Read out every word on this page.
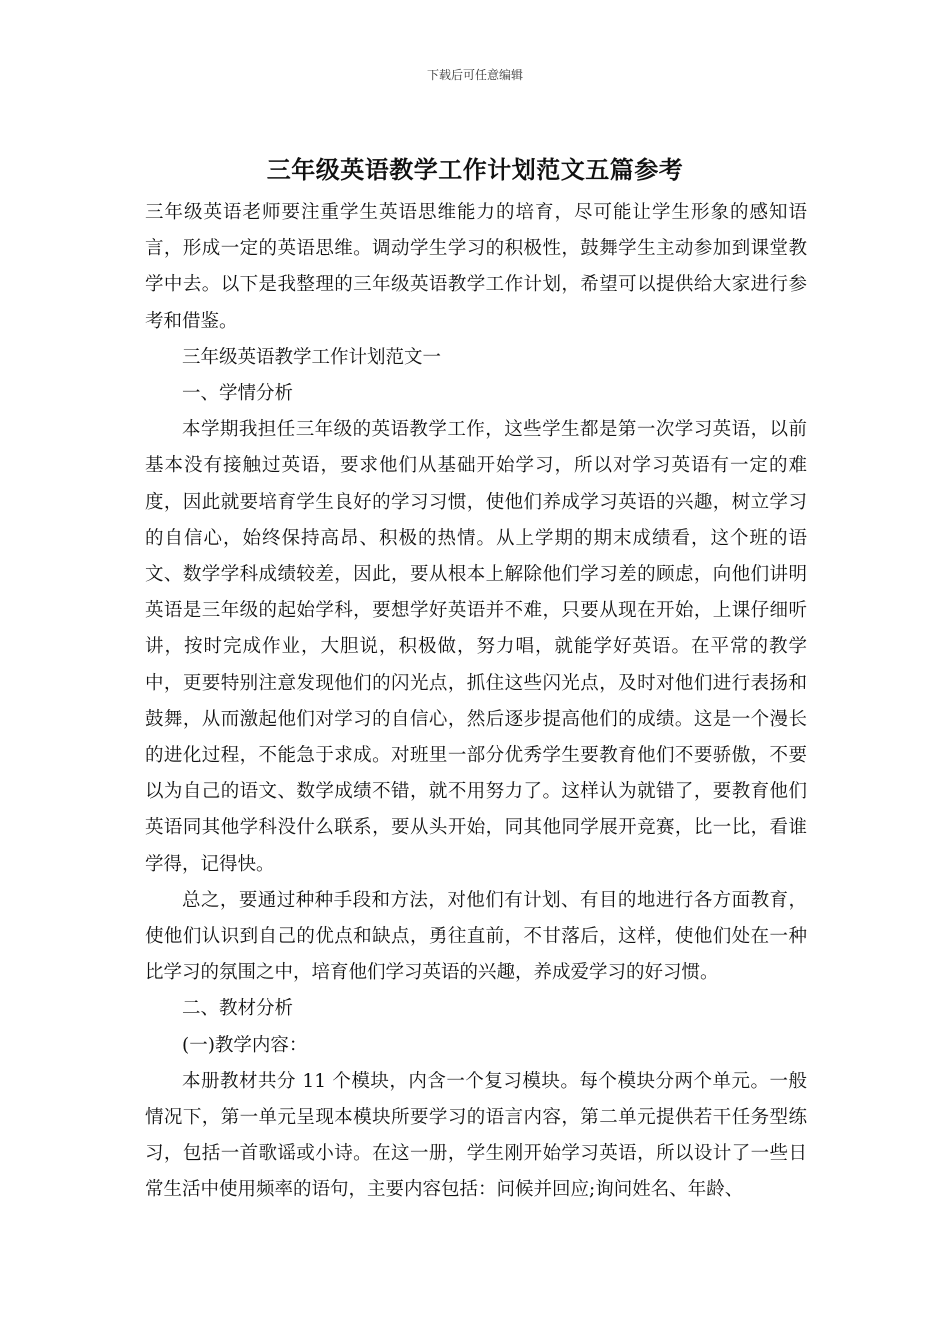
下载后可任意编辑
三年级英语教学工作计划范文五篇参考

三年级英语老师要注重学生英语思维能力的培育，尽可能让学生形象的感知语言，形成一定的英语思维。调动学生学习的积极性，鼓舞学生主动参加到课堂教学中去。以下是我整理的三年级英语教学工作计划，希望可以提供给大家进行参考和借鉴。

三年级英语教学工作计划范文一

一、学情分析

本学期我担任三年级的英语教学工作，这些学生都是第一次学习英语，以前基本没有接触过英语，要求他们从基础开始学习，所以对学习英语有一定的难度，因此就要培育学生良好的学习习惯，使他们养成学习英语的兴趣，树立学习的自信心，始终保持高昂、积极的热情。从上学期的期末成绩看，这个班的语文、数学学科成绩较差，因此，要从根本上解除他们学习差的顾虑，向他们讲明英语是三年级的起始学科，要想学好英语并不难，只要从现在开始，上课仔细听讲，按时完成作业，大胆说，积极做，努力唱，就能学好英语。在平常的教学中，更要特别注意发现他们的闪光点，抓住这些闪光点，及时对他们进行表扬和鼓舞，从而激起他们对学习的自信心，然后逐步提高他们的成绩。这是一个漫长的进化过程，不能急于求成。对班里一部分优秀学生要教育他们不要骄傲，不要以为自己的语文、数学成绩不错，就不用努力了。这样认为就错了，要教育他们英语同其他学科没什么联系，要从头开始，同其他同学展开竞赛，比一比，看谁学得，记得快。

总之，要通过种种手段和方法，对他们有计划、有目的地进行各方面教育，使他们认识到自己的优点和缺点，勇往直前，不甘落后，这样，使他们处在一种比学习的氛围之中，培育他们学习英语的兴趣，养成爱学习的好习惯。

二、教材分析

(一)教学内容：

本册教材共分 11 个模块，内含一个复习模块。每个模块分两个单元。一般情况下，第一单元呈现本模块所要学习的语言内容，第二单元提供若干任务型练习，包括一首歌谣或小诗。在这一册，学生刚开始学习英语，所以设计了一些日常生活中使用频率的语句，主要内容包括：问候并回应;询问姓名、年龄、
